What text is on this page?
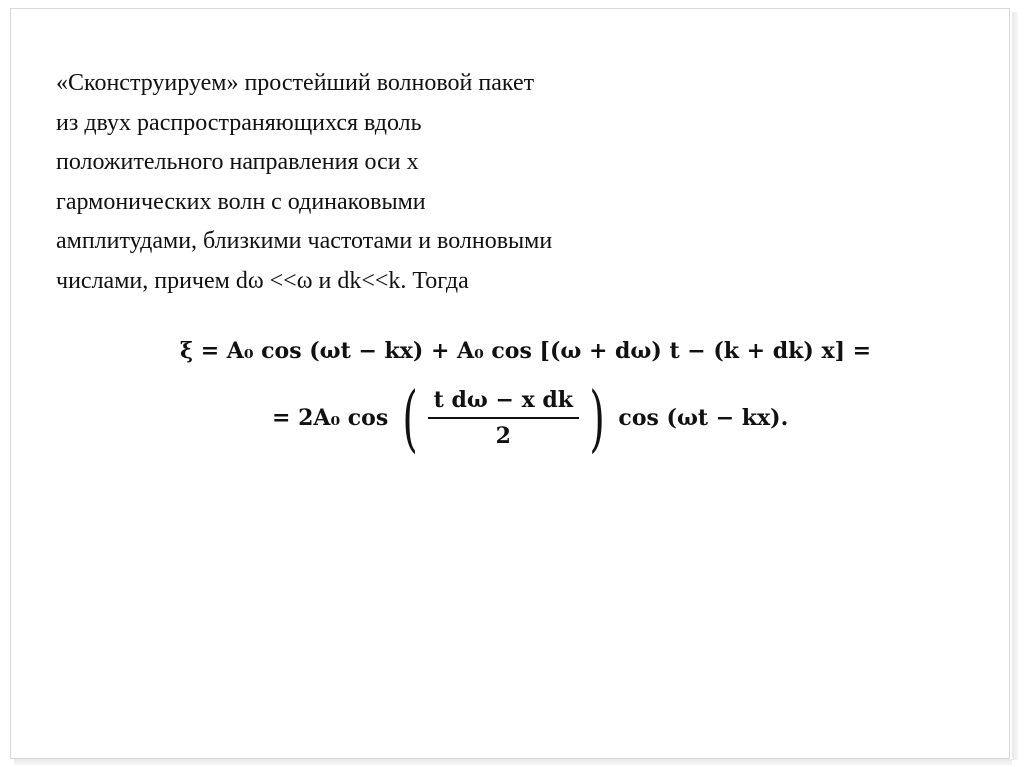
«Сконструируем» простейший волновой пакет
из двух распространяющихся вдоль
положительного направления оси x
гармонических волн с одинаковыми
амплитудами, близкими частотами и волновыми
числами, причем dω <<ω и dk<<k. Тогда
ξ = A₀ cos (ωt − kx) + A₀ cos [(ω + dω) t − (k + dk) x] =
= 2A₀ cos ( $\frac{\text{t dω − x dk}}{2}$ ) cos (ωt − kx).
